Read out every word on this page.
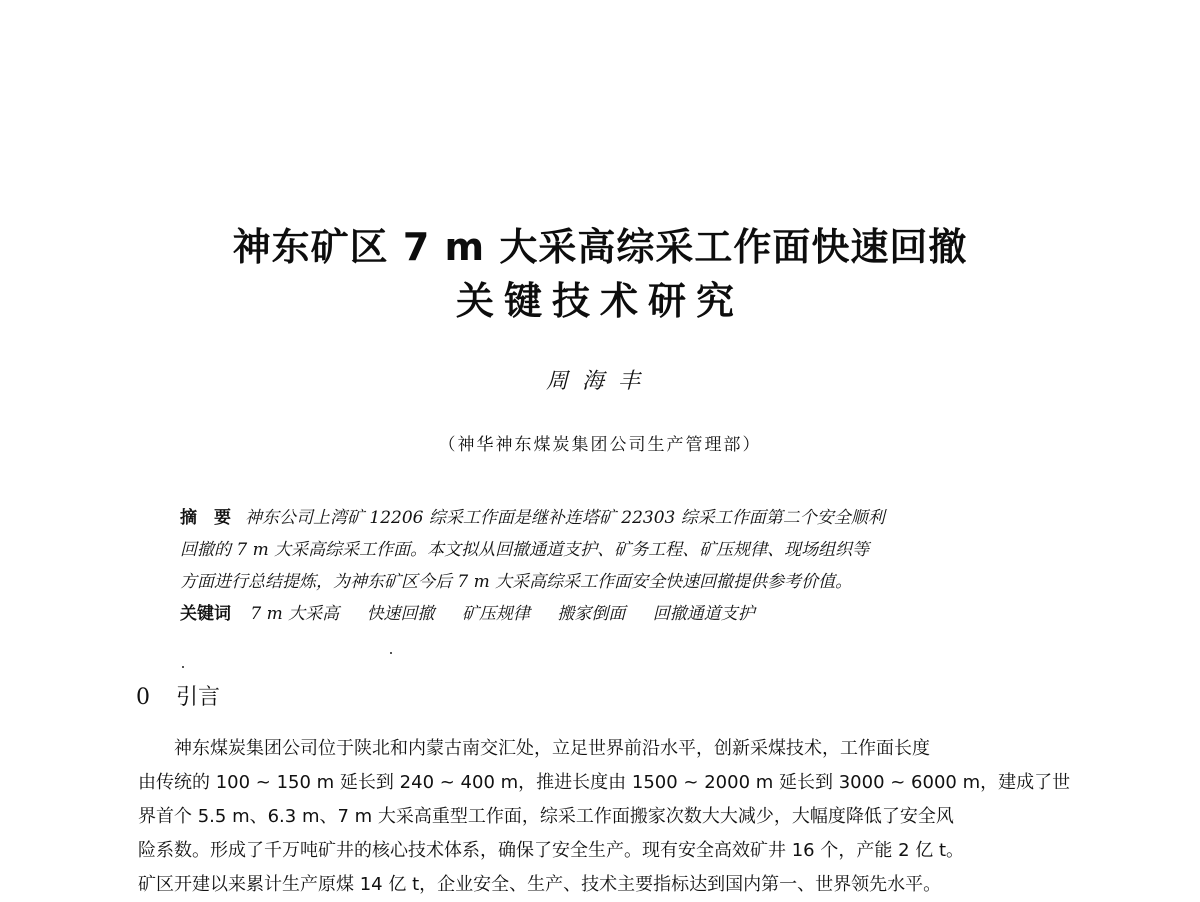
神东矿区 7 m 大采高综采工作面快速回撤
关键技术研究
周海丰
（神华神东煤炭集团公司生产管理部）
摘　要 神东公司上湾矿 12206 综采工作面是继补连塔矿 22303 综采工作面第二个安全顺利
回撤的 7 m 大采高综采工作面。本文拟从回撤通道支护、矿务工程、矿压规律、现场组织等
方面进行总结提炼，为神东矿区今后 7 m 大采高综采工作面安全快速回撤提供参考价值。
关键词 7 m 大采高 快速回撤 矿压规律 搬家倒面 回撤通道支护
0 引言
神东煤炭集团公司位于陕北和内蒙古南交汇处，立足世界前沿水平，创新采煤技术，工作面长度
由传统的 100 ~ 150 m 延长到 240 ~ 400 m，推进长度由 1500 ~ 2000 m 延长到 3000 ~ 6000 m，建成了世
界首个 5.5 m、6.3 m、7 m 大采高重型工作面，综采工作面搬家次数大大减少，大幅度降低了安全风
险系数。形成了千万吨矿井的核心技术体系，确保了安全生产。现有安全高效矿井 16 个，产能 2 亿 t。
矿区开建以来累计生产原煤 14 亿 t，企业安全、生产、技术主要指标达到国内第一、世界领先水平。
